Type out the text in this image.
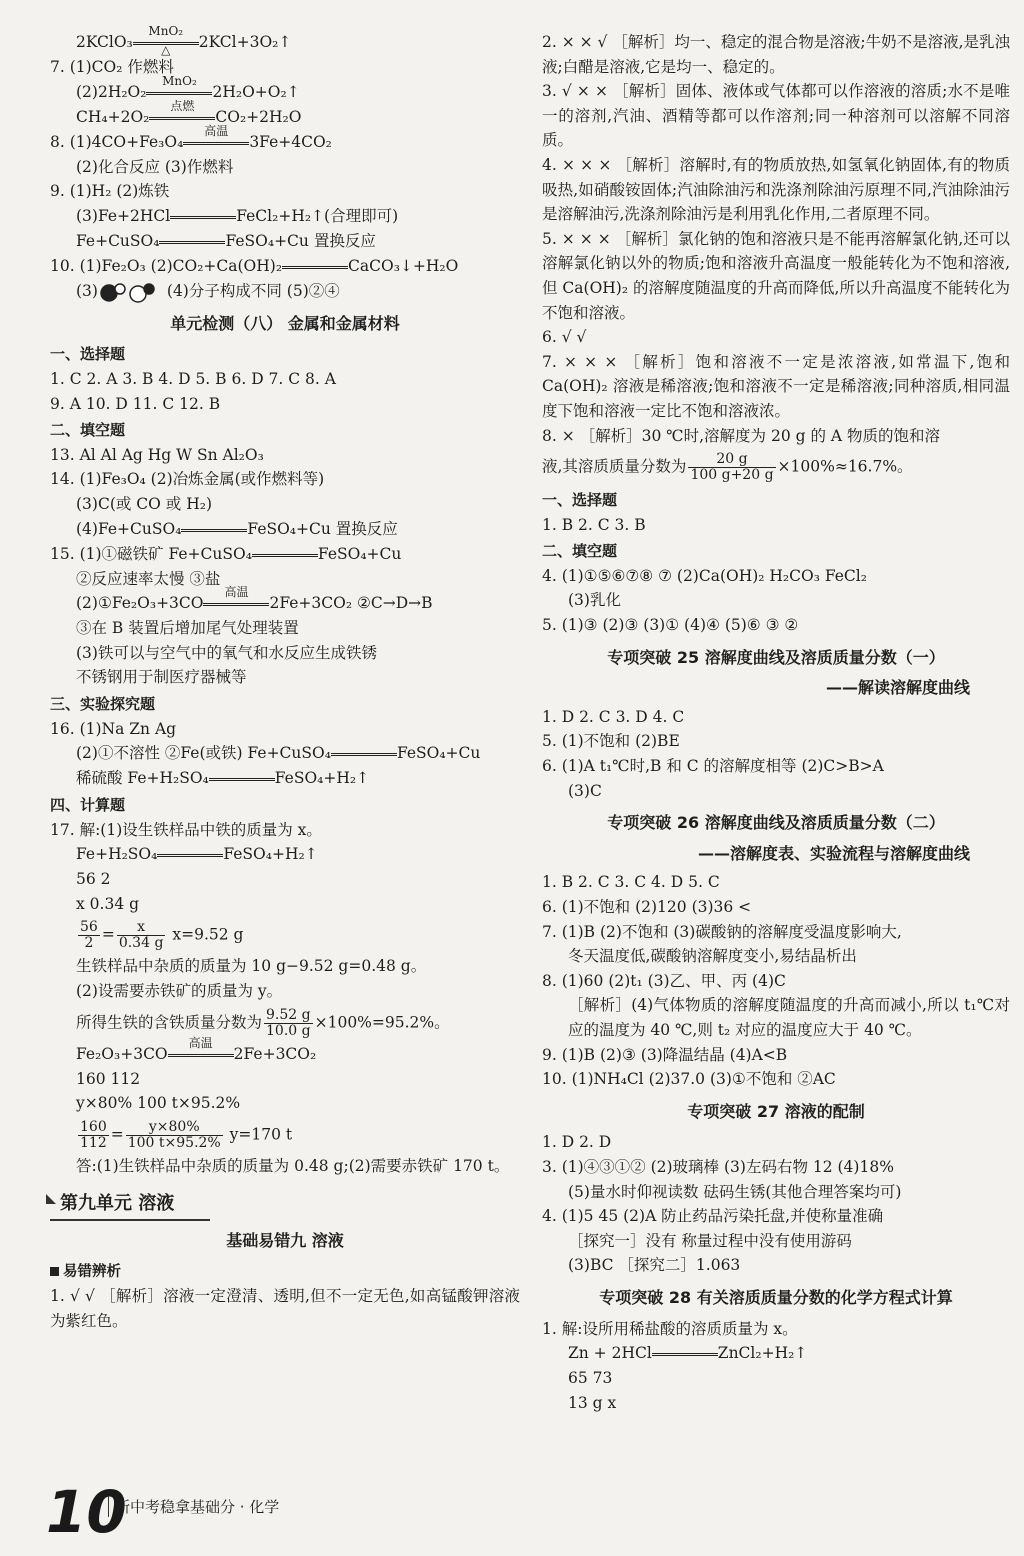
2KClO₃
MnO₂
△	2KCl+3O₂↑
7. (1)CO₂ 作燃料
(2)2H₂O₂
MnO₂
2H₂O+O₂↑
CH₄+2O₂
点燃
CO₂+2H₂O
8. (1)4CO+Fe₃O₄
高温
3Fe+4CO₂
(2)化合反应 (3)作燃料
9. (1)H₂ (2)炼铁
(3)Fe+2HCl	FeCl₂+H₂↑(合理即可)
Fe+CuSO₄	FeSO₄+Cu 置换反应
10. (1)Fe₂O₃ (2)CO₂+Ca(OH)₂	CaCO₃↓+H₂O
(3)	(4)分子构成不同 (5)②④
单元检测（八） 金属和金属材料
一、选择题
1. C 2. A 3. B 4. D 5. B 6. D 7. C 8. A
9. A 10. D 11. C 12. B
二、填空题
13. Al Al Ag Hg W Sn Al₂O₃
14. (1)Fe₃O₄ (2)冶炼金属(或作燃料等)
(3)C(或 CO 或 H₂)
(4)Fe+CuSO₄	FeSO₄+Cu 置换反应
15. (1)①磁铁矿 Fe+CuSO₄	FeSO₄+Cu
②反应速率太慢 ③盐
(2)①Fe₂O₃+3CO
高温
2Fe+3CO₂ ②C→D→B
③在 B 装置后增加尾气处理装置
(3)铁可以与空气中的氧气和水反应生成铁锈
不锈钢用于制医疗器械等
三、实验探究题
16. (1)Na Zn Ag
(2)①不溶性 ②Fe(或铁) Fe+CuSO₄	FeSO₄+Cu
稀硫酸 Fe+H₂SO₄	FeSO₄+H₂↑
四、计算题
17. 解:(1)设生铁样品中铁的质量为 x。
Fe+H₂SO₄	FeSO₄+H₂↑
56 2
x 0.34 g
$\frac{56}{2} = \frac{x}{0.34 g} x=9.52$ g
生铁样品中杂质的质量为 10 g−9.52 g=0.48 g。
(2)设需要赤铁矿的质量为 y。
所得生铁的含铁质量分数为 $\frac{9.52 g}{10.0 g} \times 100\%=95.2\%$。
Fe₂O₃+3CO
高温
2Fe+3CO₂
160 112
y×80% 100 t×95.2%
$\frac{160}{112} = \frac{y\times 80\%}{100 t\times 95.2\%} y=170$ t
答:(1)生铁样品中杂质的质量为 0.48 g;(2)需要赤铁矿 170 t。
第九单元 溶液
基础易错九 溶液
易错辨析
1. √ √ ［解析］溶液一定澄清、透明,但不一定无色,如高锰酸钾溶液为紫红色。
2. × × √ ［解析］均一、稳定的混合物是溶液;牛奶不是溶液,是乳浊液;白醋是溶液,它是均一、稳定的。
3. √ × × ［解析］固体、液体或气体都可以作溶液的溶质;水不是唯一的溶剂,汽油、酒精等都可以作溶剂;同一种溶剂可以溶解不同溶质。
4. × × × ［解析］溶解时,有的物质放热,如氢氧化钠固体,有的物质吸热,如硝酸铵固体;汽油除油污和洗涤剂除油污原理不同,汽油除油污是溶解油污,洗涤剂除油污是利用乳化作用,二者原理不同。
5. × × × ［解析］氯化钠的饱和溶液只是不能再溶解氯化钠,还可以溶解氯化钠以外的物质;饱和溶液升高温度一般能转化为不饱和溶液,但 Ca(OH)₂ 的溶解度随温度的升高而降低,所以升高温度不能转化为不饱和溶液。
6. √ √
7. × × × ［解析］饱和溶液不一定是浓溶液,如常温下,饱和 Ca(OH)₂ 溶液是稀溶液;饱和溶液不一定是稀溶液;同种溶质,相同温度下饱和溶液一定比不饱和溶液浓。
8. × ［解析］30 ℃时,溶解度为 20 g 的 A 物质的饱和溶
液,其溶质质量分数为 $\frac{20 g}{100 g+20 g} \times 100\%\approx 16.7\%$。
一、选择题
1. B 2. C 3. B
二、填空题
4. (1)①⑤⑥⑦⑧ ⑦ (2)Ca(OH)₂ H₂CO₃ FeCl₂
(3)乳化
5. (1)③ (2)③ (3)① (4)④ (5)⑥ ③ ②
专项突破 25 溶解度曲线及溶质质量分数（一）
——解读溶解度曲线
1. D 2. C 3. D 4. C
5. (1)不饱和 (2)BE
6. (1)A t₁℃时,B 和 C 的溶解度相等 (2)C>B>A
(3)C
专项突破 26 溶解度曲线及溶质质量分数（二）
——溶解度表、实验流程与溶解度曲线
1. B 2. C 3. C 4. D 5. C
6. (1)不饱和 (2)120 (3)36 <
7. (1)B (2)不饱和 (3)碳酸钠的溶解度受温度影响大,
冬天温度低,碳酸钠溶解度变小,易结晶析出
8. (1)60 (2)t₁ (3)乙、甲、丙 (4)C
［解析］(4)气体物质的溶解度随温度的升高而减小,所以 t₁℃对应的温度为 40 ℃,则 t₂ 对应的温度应大于 40 ℃。
9. (1)B (2)③ (3)降温结晶 (4)A<B
10. (1)NH₄Cl (2)37.0 (3)①不饱和 ②AC
专项突破 27 溶液的配制
1. D 2. D
3. (1)④③①② (2)玻璃棒 (3)左码右物 12 (4)18%
(5)量水时仰视读数 砝码生锈(其他合理答案均可)
4. (1)5 45 (2)A 防止药品污染托盘,并使称量准确
［探究一］没有 称量过程中没有使用游码
(3)BC ［探究二］1.063
专项突破 28 有关溶质质量分数的化学方程式计算
1. 解:设所用稀盐酸的溶质质量为 x。
Zn + 2HCl	ZnCl₂+H₂↑
65 73
13 g x
10
新中考稳拿基础分 · 化学
